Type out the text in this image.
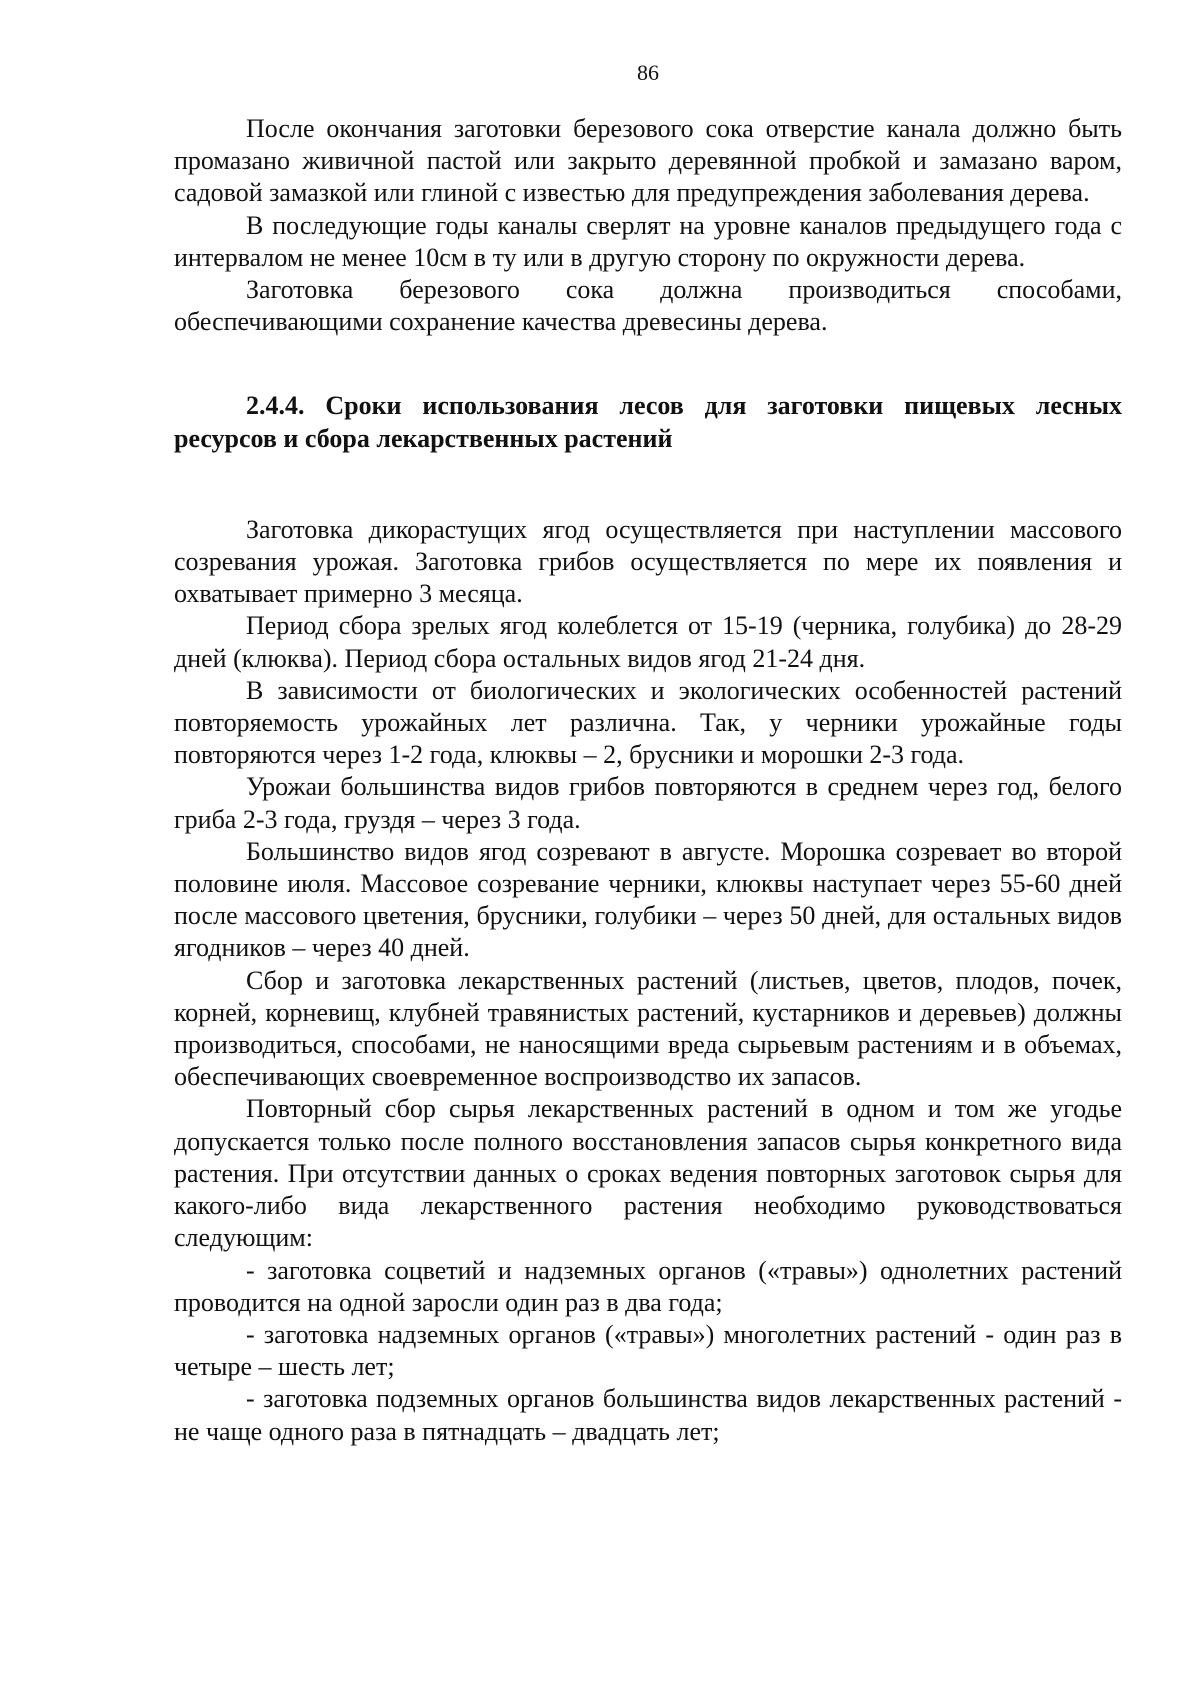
86

После окончания заготовки березового сока отверстие канала должно быть промазано живичной пастой или закрыто деревянной пробкой и замазано варом, садовой замазкой или глиной с известью для предупреждения заболевания дерева.

В последующие годы каналы сверлят на уровне каналов предыдущего года с интервалом не менее 10см в ту или в другую сторону по окружности дерева.

Заготовка березового сока должна производиться способами, обеспечивающими сохранение качества древесины дерева.

2.4.4. Сроки использования лесов для заготовки пищевых лесных ресурсов и сбора лекарственных растений

Заготовка дикорастущих ягод осуществляется при наступлении массового созревания урожая. Заготовка грибов осуществляется по мере их появления и охватывает примерно 3 месяца.

Период сбора зрелых ягод колеблется от 15-19 (черника, голубика) до 28-29 дней (клюква). Период сбора остальных видов ягод 21-24 дня.

В зависимости от биологических и экологических особенностей растений повторяемость урожайных лет различна. Так, у черники урожайные годы повторяются через 1-2 года, клюквы – 2, брусники и морошки 2-3 года.

Урожаи большинства видов грибов повторяются в среднем через год, белого гриба 2-3 года, груздя – через 3 года.

Большинство видов ягод созревают в августе. Морошка созревает во второй половине июля. Массовое созревание черники, клюквы наступает через 55-60 дней после массового цветения, брусники, голубики – через 50 дней, для остальных видов ягодников – через 40 дней.

Сбор и заготовка лекарственных растений (листьев, цветов, плодов, почек, корней, корневищ, клубней травянистых растений, кустарников и деревьев) должны производиться, способами, не наносящими вреда сырьевым растениям и в объемах, обеспечивающих своевременное воспроизводство их запасов.

Повторный сбор сырья лекарственных растений в одном и том же угодье допускается только после полного восстановления запасов сырья конкретного вида растения. При отсутствии данных о сроках ведения повторных заготовок сырья для какого-либо вида лекарственного растения необходимо руководствоваться следующим:

- заготовка соцветий и надземных органов («травы») однолетних растений проводится на одной заросли один раз в два года;

- заготовка надземных органов («травы») многолетних растений - один раз в четыре – шесть лет;

- заготовка подземных органов большинства видов лекарственных растений - не чаще одного раза в пятнадцать – двадцать лет;
